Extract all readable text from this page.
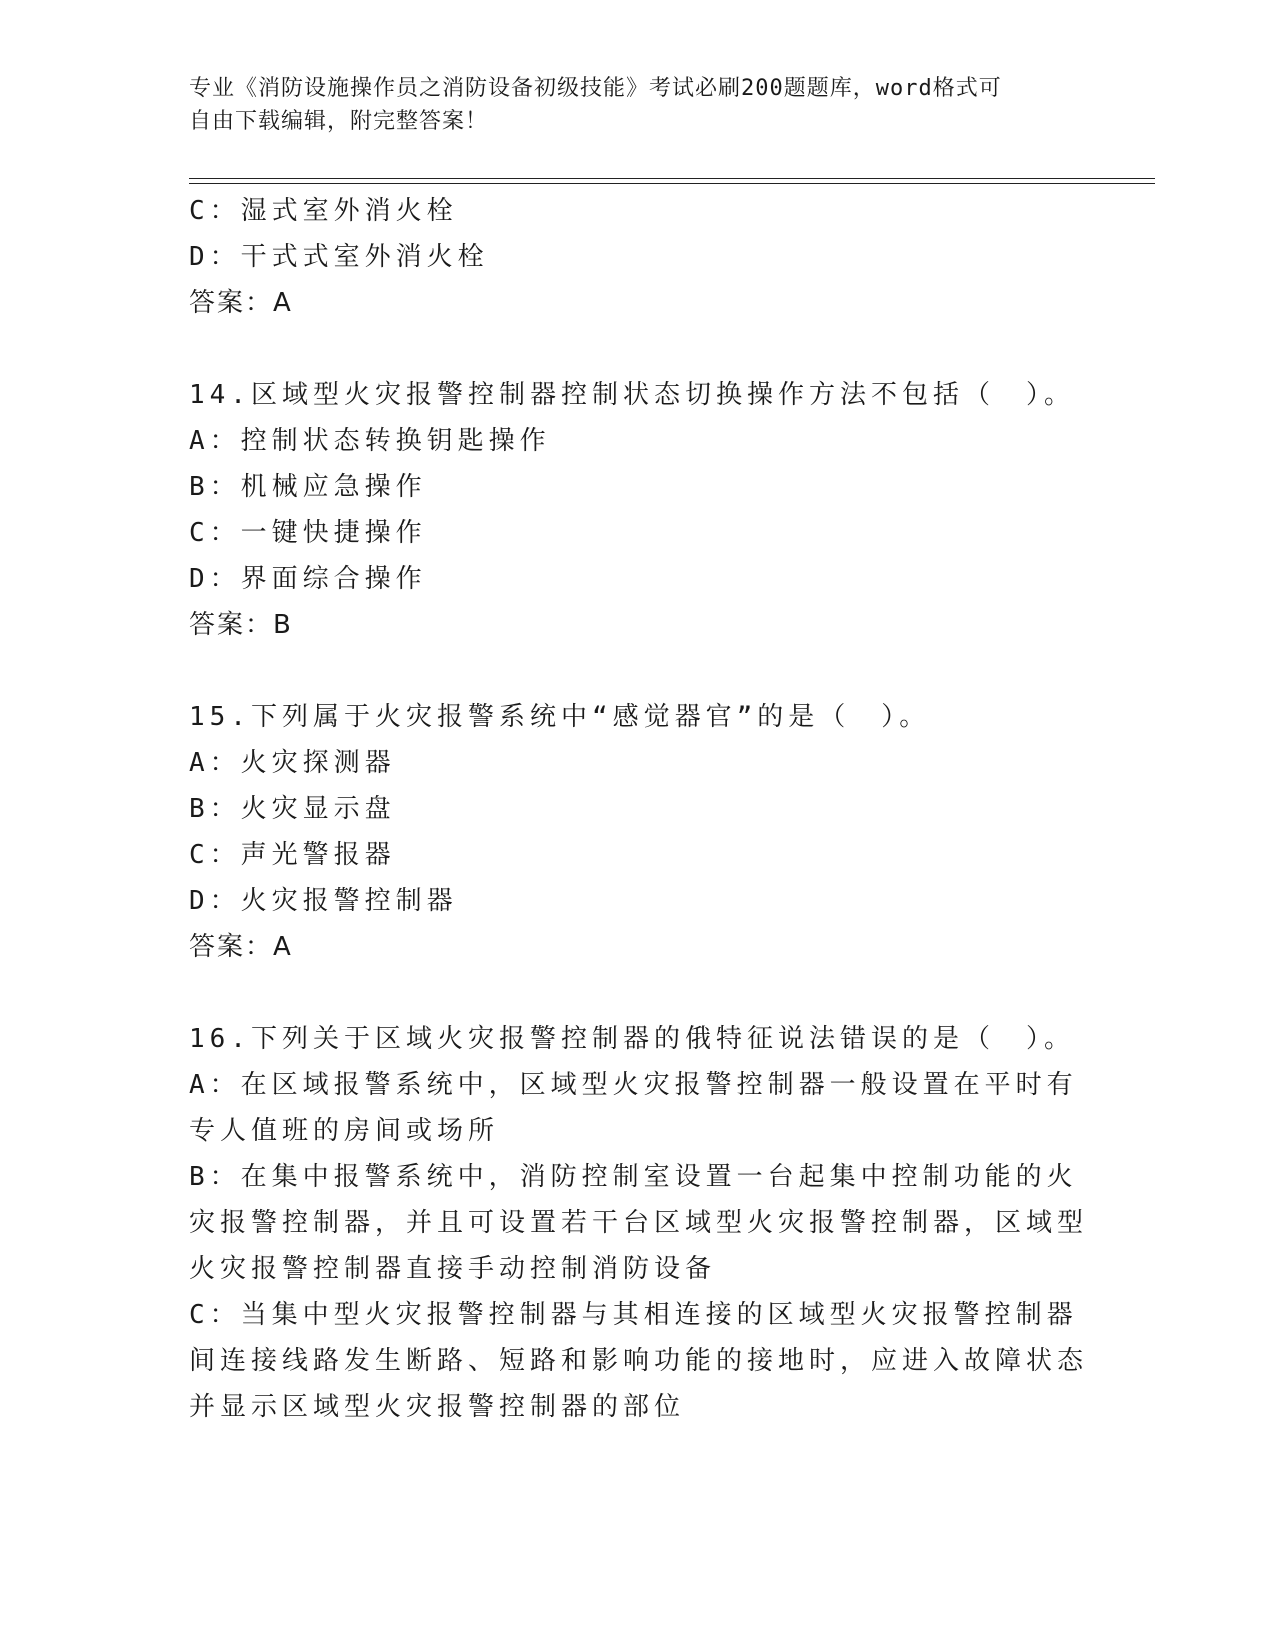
专业《消防设施操作员之消防设备初级技能》考试必刷200题题库，word格式可
自由下载编辑，附完整答案！
C：湿式室外消火栓
D：干式式室外消火栓
答案：A
14.区域型火灾报警控制器控制状态切换操作方法不包括（　）。
A：控制状态转换钥匙操作
B：机械应急操作
C：一键快捷操作
D：界面综合操作
答案：B
15.下列属于火灾报警系统中“感觉器官”的是（　）。
A：火灾探测器
B：火灾显示盘
C：声光警报器
D：火灾报警控制器
答案：A
16.下列关于区域火灾报警控制器的俄特征说法错误的是（　）。
A：在区域报警系统中，区域型火灾报警控制器一般设置在平时有专人值班的房间或场所
B：在集中报警系统中，消防控制室设置一台起集中控制功能的火灾报警控制器，并且可设置若干台区域型火灾报警控制器，区域型火灾报警控制器直接手动控制消防设备
C：当集中型火灾报警控制器与其相连接的区域型火灾报警控制器间连接线路发生断路、短路和影响功能的接地时，应进入故障状态并显示区域型火灾报警控制器的部位
